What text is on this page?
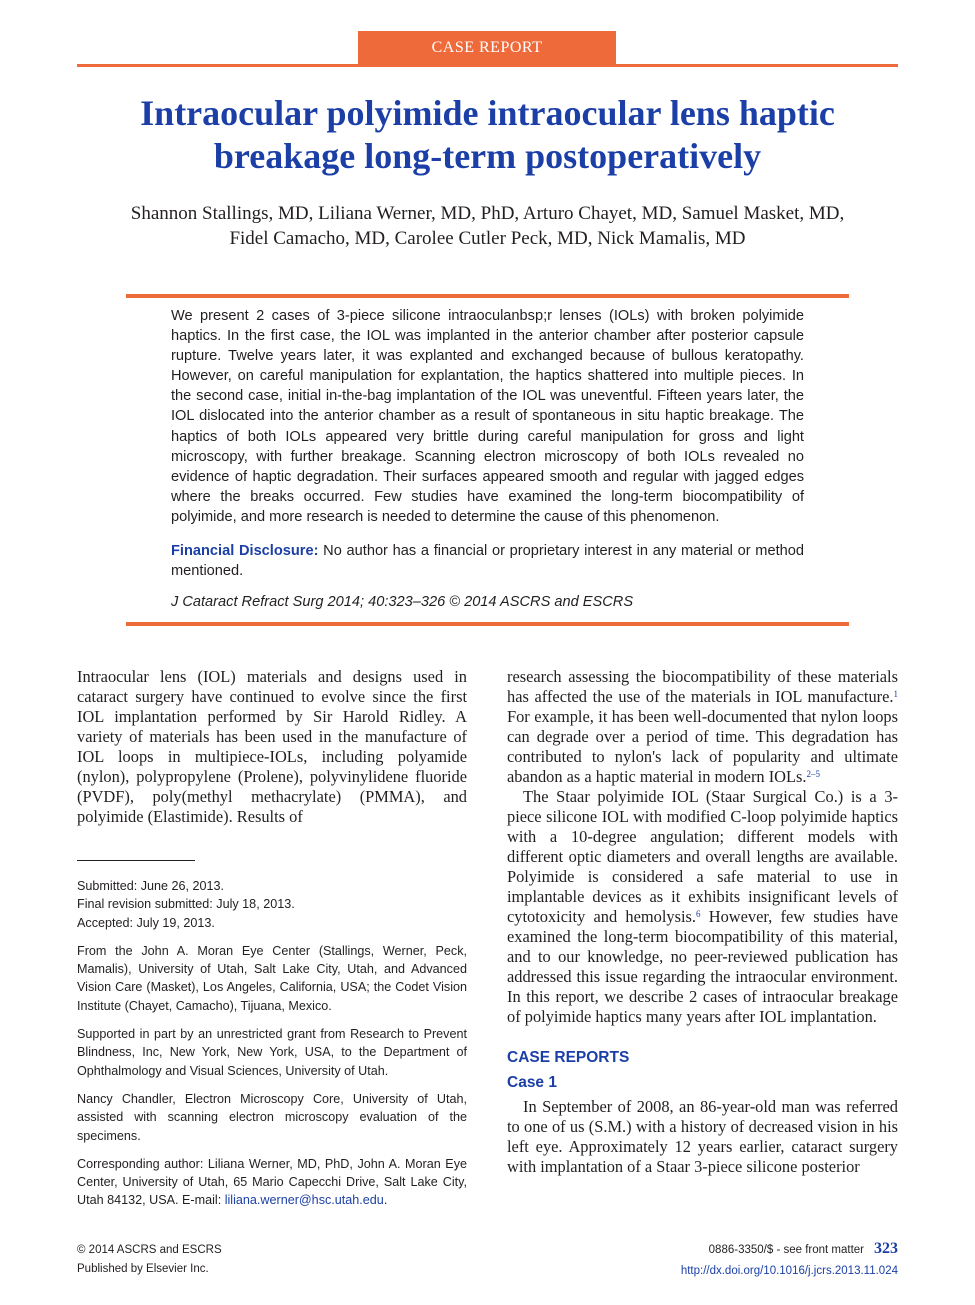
CASE REPORT
Intraocular polyimide intraocular lens haptic
breakage long-term postoperatively
Shannon Stallings, MD, Liliana Werner, MD, PhD, Arturo Chayet, MD, Samuel Masket, MD,
Fidel Camacho, MD, Carolee Cutler Peck, MD, Nick Mamalis, MD

We present 2 cases of 3-piece silicone intraoculanbsp;r lenses (IOLs) with broken polyimide haptics. In the first case, the IOL was implanted in the anterior chamber after posterior capsule rupture. Twelve years later, it was explanted and exchanged because of bullous keratopathy. However, on careful manipulation for explantation, the haptics shattered into multiple pieces. In the second case, initial in-the-bag implantation of the IOL was uneventful. Fifteen years later, the IOL dislocated into the anterior chamber as a result of spontaneous in situ haptic breakage. The haptics of both IOLs appeared very brittle during careful manipulation for gross and light microscopy, with further breakage. Scanning electron microscopy of both IOLs revealed no evidence of haptic degradation. Their surfaces appeared smooth and regular with jagged edges where the breaks occurred. Few studies have examined the long-term biocompatibility of polyimide, and more research is needed to determine the cause of this phenomenon.

Financial Disclosure: No author has a financial or proprietary interest in any material or method mentioned.

J Cataract Refract Surg 2014; 40:323–326 © 2014 ASCRS and ESCRS

Intraocular lens (IOL) materials and designs used in cataract surgery have continued to evolve since the first IOL implantation performed by Sir Harold Ridley. A variety of materials has been used in the manufacture of IOL loops in multipiece-IOLs, including polyamide (nylon), polypropylene (Prolene), polyvinylidene fluoride (PVDF), poly(methyl methacrylate) (PMMA), and polyimide (Elastimide). Results of

Submitted: June 26, 2013.

Final revision submitted: July 18, 2013.

Accepted: July 19, 2013.

From the John A. Moran Eye Center (Stallings, Werner, Peck, Mamalis), University of Utah, Salt Lake City, Utah, and Advanced Vision Care (Masket), Los Angeles, California, USA; the Codet Vision Institute (Chayet, Camacho), Tijuana, Mexico.

Supported in part by an unrestricted grant from Research to Prevent Blindness, Inc, New York, New York, USA, to the Department of Ophthalmology and Visual Sciences, University of Utah.

Nancy Chandler, Electron Microscopy Core, University of Utah, assisted with scanning electron microscopy evaluation of the specimens.

Corresponding author: Liliana Werner, MD, PhD, John A. Moran Eye Center, University of Utah, 65 Mario Capecchi Drive, Salt Lake City, Utah 84132, USA. E-mail: liliana.werner@hsc.utah.edu.

research assessing the biocompatibility of these materials has affected the use of the materials in IOL manufacture.$^1$ For example, it has been well-documented that nylon loops can degrade over a period of time. This degradation has contributed to nylon's lack of popularity and ultimate abandon as a haptic material in modern IOLs.$^{2-5}$

The Staar polyimide IOL (Staar Surgical Co.) is a 3-piece silicone IOL with modified C-loop polyimide haptics with a 10-degree angulation; different models with different optic diameters and overall lengths are available. Polyimide is considered a safe material to use in implantable devices as it exhibits insignificant levels of cytotoxicity and hemolysis.$^6$ However, few studies have examined the long-term biocompatibility of this material, and to our knowledge, no peer-reviewed publication has addressed this issue regarding the intraocular environment. In this report, we describe 2 cases of intraocular breakage of polyimide haptics many years after IOL implantation.

CASE REPORTS
Case 1

In September of 2008, an 86-year-old man was referred to one of us (S.M.) with a history of decreased vision in his left eye. Approximately 12 years earlier, cataract surgery with implantation of a Staar 3-piece silicone posterior

© 2014 ASCRS and ESCRS
Published by Elsevier Inc.
0886-3350/$ - see front matter 323
http://dx.doi.org/10.1016/j.jcrs.2013.11.024
